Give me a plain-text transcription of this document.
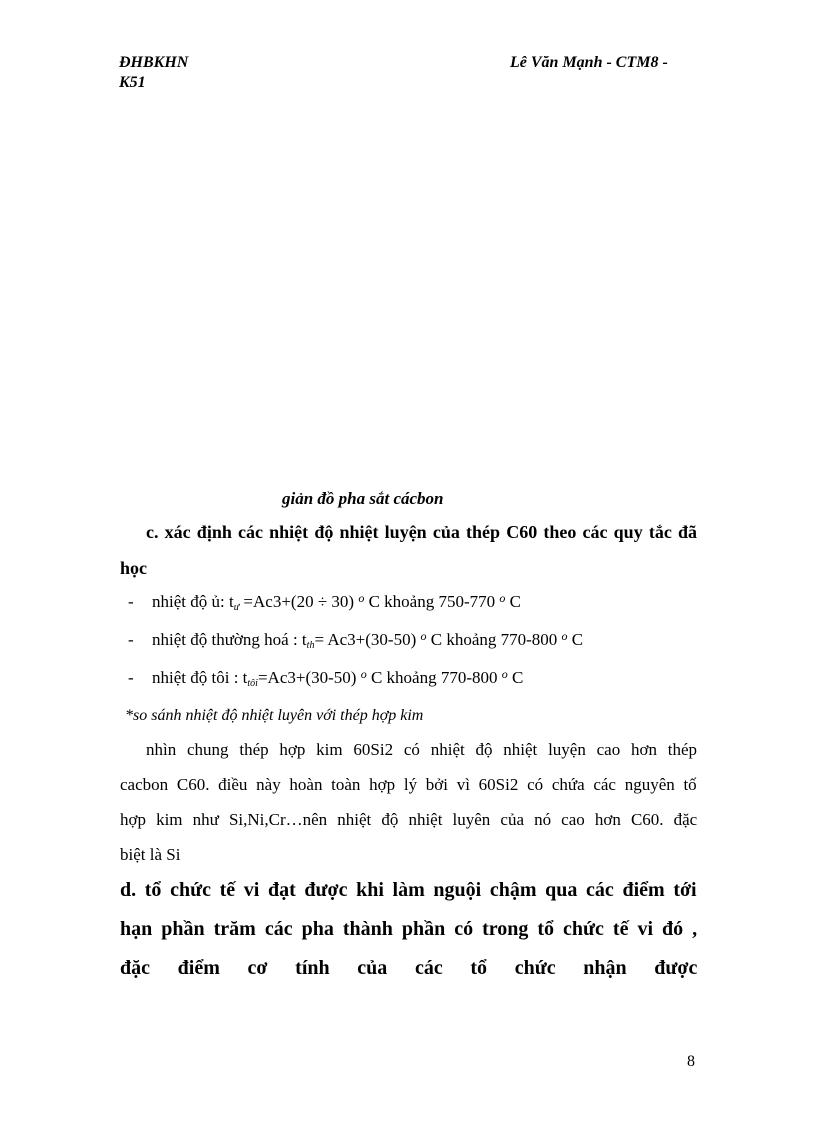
ĐHBKHN
K51
Lê Văn Mạnh - CTM8 -
giản đồ pha sắt cácbon
c. xác định các nhiệt độ nhiệt luyện của thép C60 theo các quy tắc đã
học
- nhiệt độ ủ: $t_ư =Ac3+(20 \div 30)$ $^o$ C khoảng 750-770 $^o$ C
- nhiệt độ thường hoá : $t_{th}= Ac3+(30-50)$ $^o$ C khoảng 770-800 $^o$ C
- nhiệt độ tôi : $t_{tôi}=Ac3+(30-50)$ $^o$ C khoảng 770-800 $^o$ C
*so sánh nhiệt độ nhiệt luyên với thép hợp kim
nhìn chung thép hợp kim 60Si2 có nhiệt độ nhiệt luyện cao hơn thép
cacbon C60. điều này hoàn toàn hợp lý bởi vì 60Si2 có chứa các nguyên tố
hợp kim như Si,Ni,Cr…nên nhiệt độ nhiệt luyên của nó cao hơn C60. đặc
biệt là Si
d. tổ chức tế vi đạt được khi làm nguội chậm qua các điểm tới
hạn phần trăm các pha thành phần có trong tổ chức tế vi đó ,
đặc điểm cơ tính của các tổ chức nhận được
8
